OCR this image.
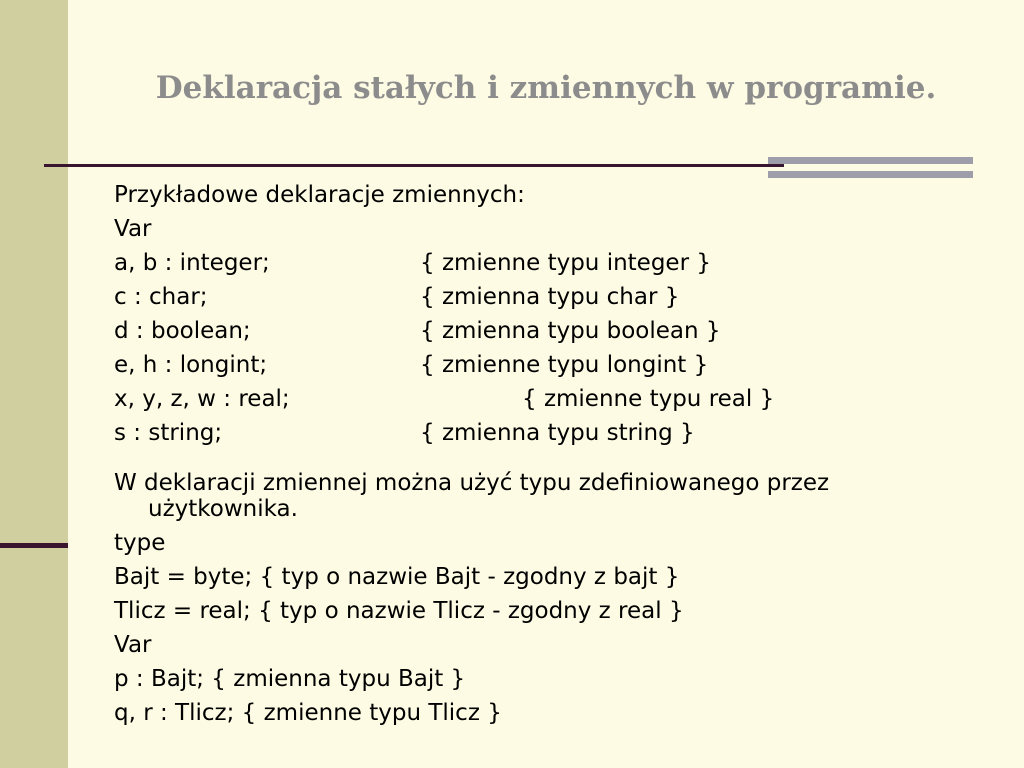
Deklaracja stałych i zmiennych w programie.
Przykładowe deklaracje zmiennych:
Var
a, b : integer;	{ zmienne typu integer }
c : char;	{ zmienna typu char }
d : boolean;	{ zmienna typu boolean }
e, h : longint;	{ zmienne typu longint }
x, y, z, w : real;	{ zmienne typu real }
s : string;	{ zmienna typu string }
W deklaracji zmiennej można użyć typu zdefiniowanego przez
użytkownika.
type
Bajt = byte; { typ o nazwie Bajt - zgodny z bajt }
Tlicz = real; { typ o nazwie Tlicz - zgodny z real }
Var
p : Bajt; { zmienna typu Bajt }
q, r : Tlicz; { zmienne typu Tlicz }
